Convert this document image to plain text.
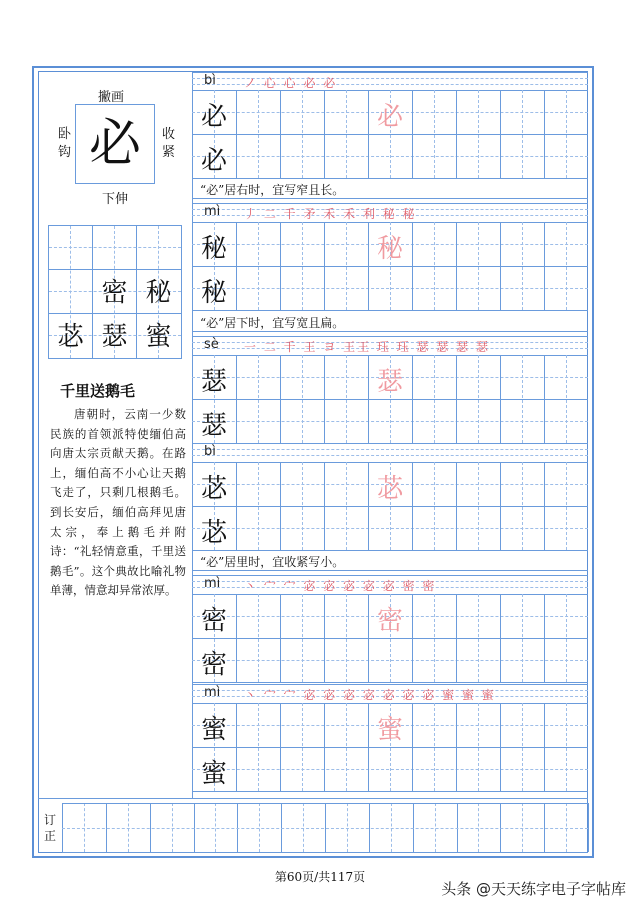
撇画
卧钩
收紧
下伸
必
密 秘
苾 瑟 蜜
千里送鹅毛
唐朝时，云南一少数民族的首领派特使缅伯高向唐太宗贡献天鹅。在路上，缅伯高不小心让天鹅飞走了，只剩几根鹅毛。到长安后，缅伯高拜见唐太宗，奉上鹅毛并附诗：“礼轻情意重，千里送鹅毛”。这个典故比喻礼物单薄，情意却异常浓厚。
bì ノ 心 心 必 必
必
必
必
“必”居右时，宜写窄且长。
mì 丿 二 千 矛 禾 禾 利 秘 秘
秘
秘
秘
“必”居下时，宜写宽且扁。
sè 一 二 千 王 ヨ 王王 珏 珏 瑟 瑟 瑟 瑟
瑟
瑟
瑟
bì
苾
苾
苾
“必”居里时，宜收紧写小。
mì 丶 宀 宀 宓 宓 宓 宓 宓 密 密
密
密
密
mì 丶 宀 宀 宓 宓 宓 宓 宓 宓 宓 蜜 蜜 蜜
蜜
蜜
蜜
订正
第60页/共117页
头条 @天天练字电子字帖库
